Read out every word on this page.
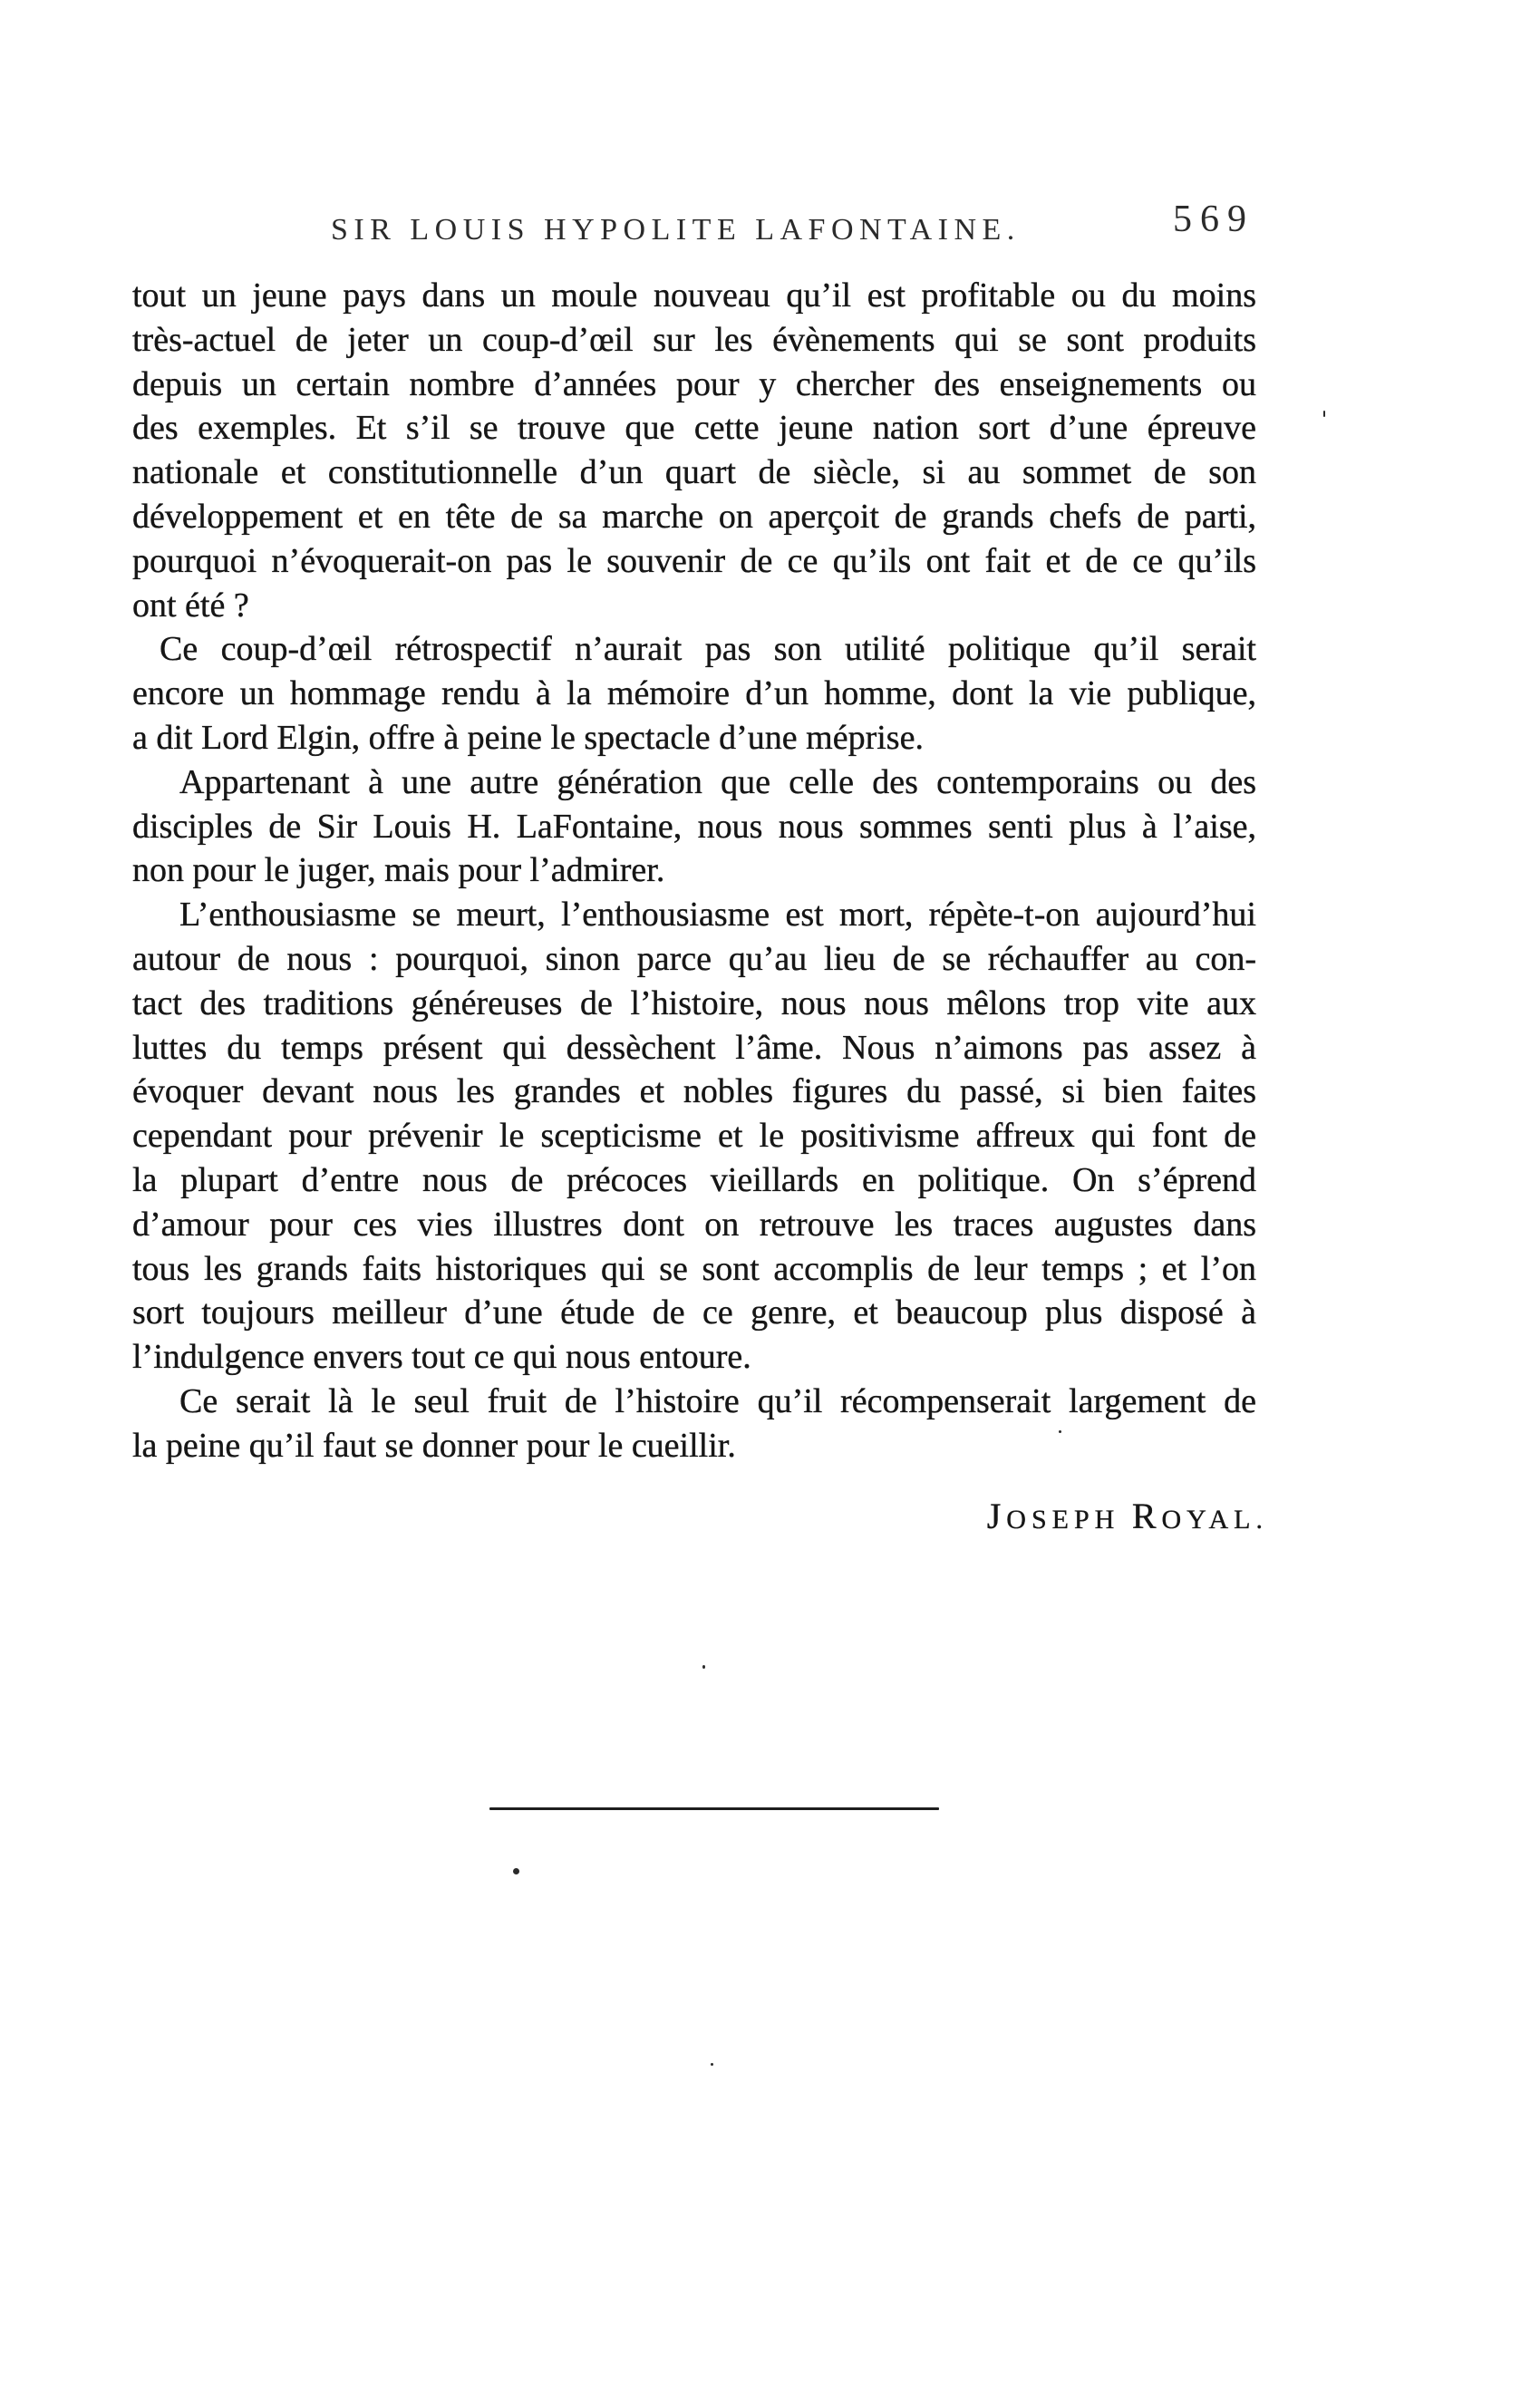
SIR LOUIS HYPOLITE LAFONTAINE.	569
tout un jeune pays dans un moule nouveau qu’il est profitable ou du moins
très-actuel de jeter un coup-d’œil sur les évènements qui se sont produits
depuis un certain nombre d’années pour y chercher des enseignements ou
des exemples. Et s’il se trouve que cette jeune nation sort d’une épreuve
nationale et constitutionnelle d’un quart de siècle, si au sommet de son
développement et en tête de sa marche on aperçoit de grands chefs de parti,
pourquoi n’évoquerait-on pas le souvenir de ce qu’ils ont fait et de ce qu’ils
ont été ?
Ce coup-d’œil rétrospectif n’aurait pas son utilité politique qu’il serait
encore un hommage rendu à la mémoire d’un homme, dont la vie publique,
a dit Lord Elgin, offre à peine le spectacle d’une méprise.
Appartenant à une autre génération que celle des contemporains ou des
disciples de Sir Louis H. LaFontaine, nous nous sommes senti plus à l’aise,
non pour le juger, mais pour l’admirer.
L’enthousiasme se meurt, l’enthousiasme est mort, répète-t-on aujourd’hui
autour de nous : pourquoi, sinon parce qu’au lieu de se réchauffer au con-
tact des traditions généreuses de l’histoire, nous nous mêlons trop vite aux
luttes du temps présent qui dessèchent l’âme. Nous n’aimons pas assez à
évoquer devant nous les grandes et nobles figures du passé, si bien faites
cependant pour prévenir le scepticisme et le positivisme affreux qui font de
la plupart d’entre nous de précoces vieillards en politique. On s’éprend
d’amour pour ces vies illustres dont on retrouve les traces augustes dans
tous les grands faits historiques qui se sont accomplis de leur temps ; et l’on
sort toujours meilleur d’une étude de ce genre, et beaucoup plus disposé à
l’indulgence envers tout ce qui nous entoure.
Ce serait là le seul fruit de l’histoire qu’il récompenserait largement de
la peine qu’il faut se donner pour le cueillir.
JOSEPH ROYAL.
